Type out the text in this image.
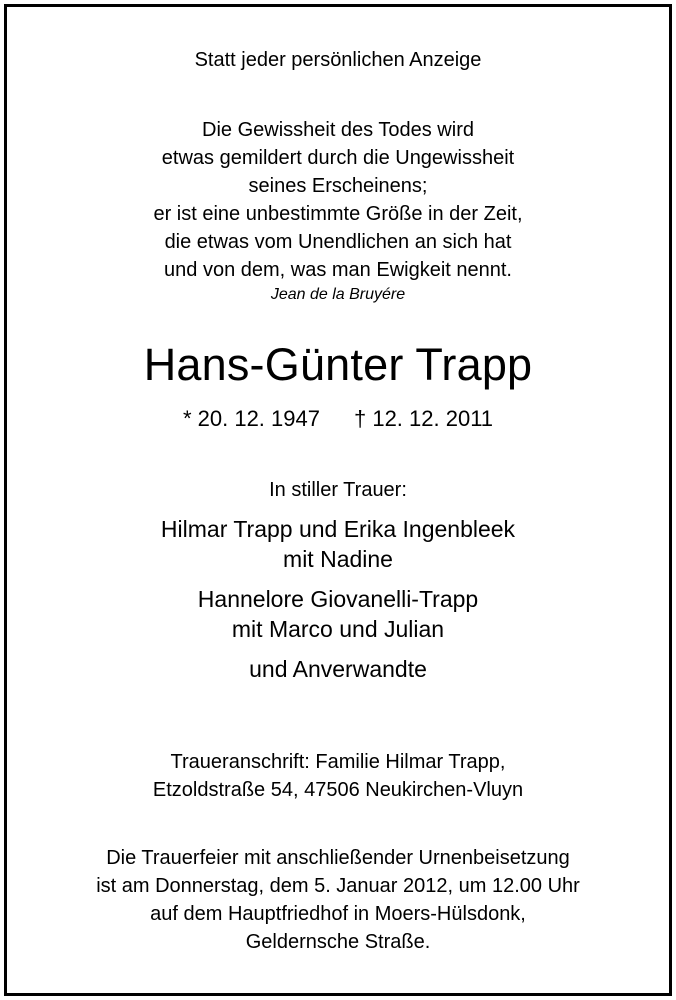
Statt jeder persönlichen Anzeige
Die Gewissheit des Todes wird
etwas gemildert durch die Ungewissheit
seines Erscheinens;
er ist eine unbestimmte Größe in der Zeit,
die etwas vom Unendlichen an sich hat
und von dem, was man Ewigkeit nennt.
Jean de la Bruyére
Hans-Günter Trapp
* 20. 12. 1947 † 12. 12. 2011
In stiller Trauer:
Hilmar Trapp und Erika Ingenbleek
mit Nadine
Hannelore Giovanelli-Trapp
mit Marco und Julian
und Anverwandte
Traueranschrift: Familie Hilmar Trapp,
Etzoldstraße 54, 47506 Neukirchen-Vluyn
Die Trauerfeier mit anschließender Urnenbeisetzung
ist am Donnerstag, dem 5. Januar 2012, um 12.00 Uhr
auf dem Hauptfriedhof in Moers-Hülsdonk,
Geldernsche Straße.
